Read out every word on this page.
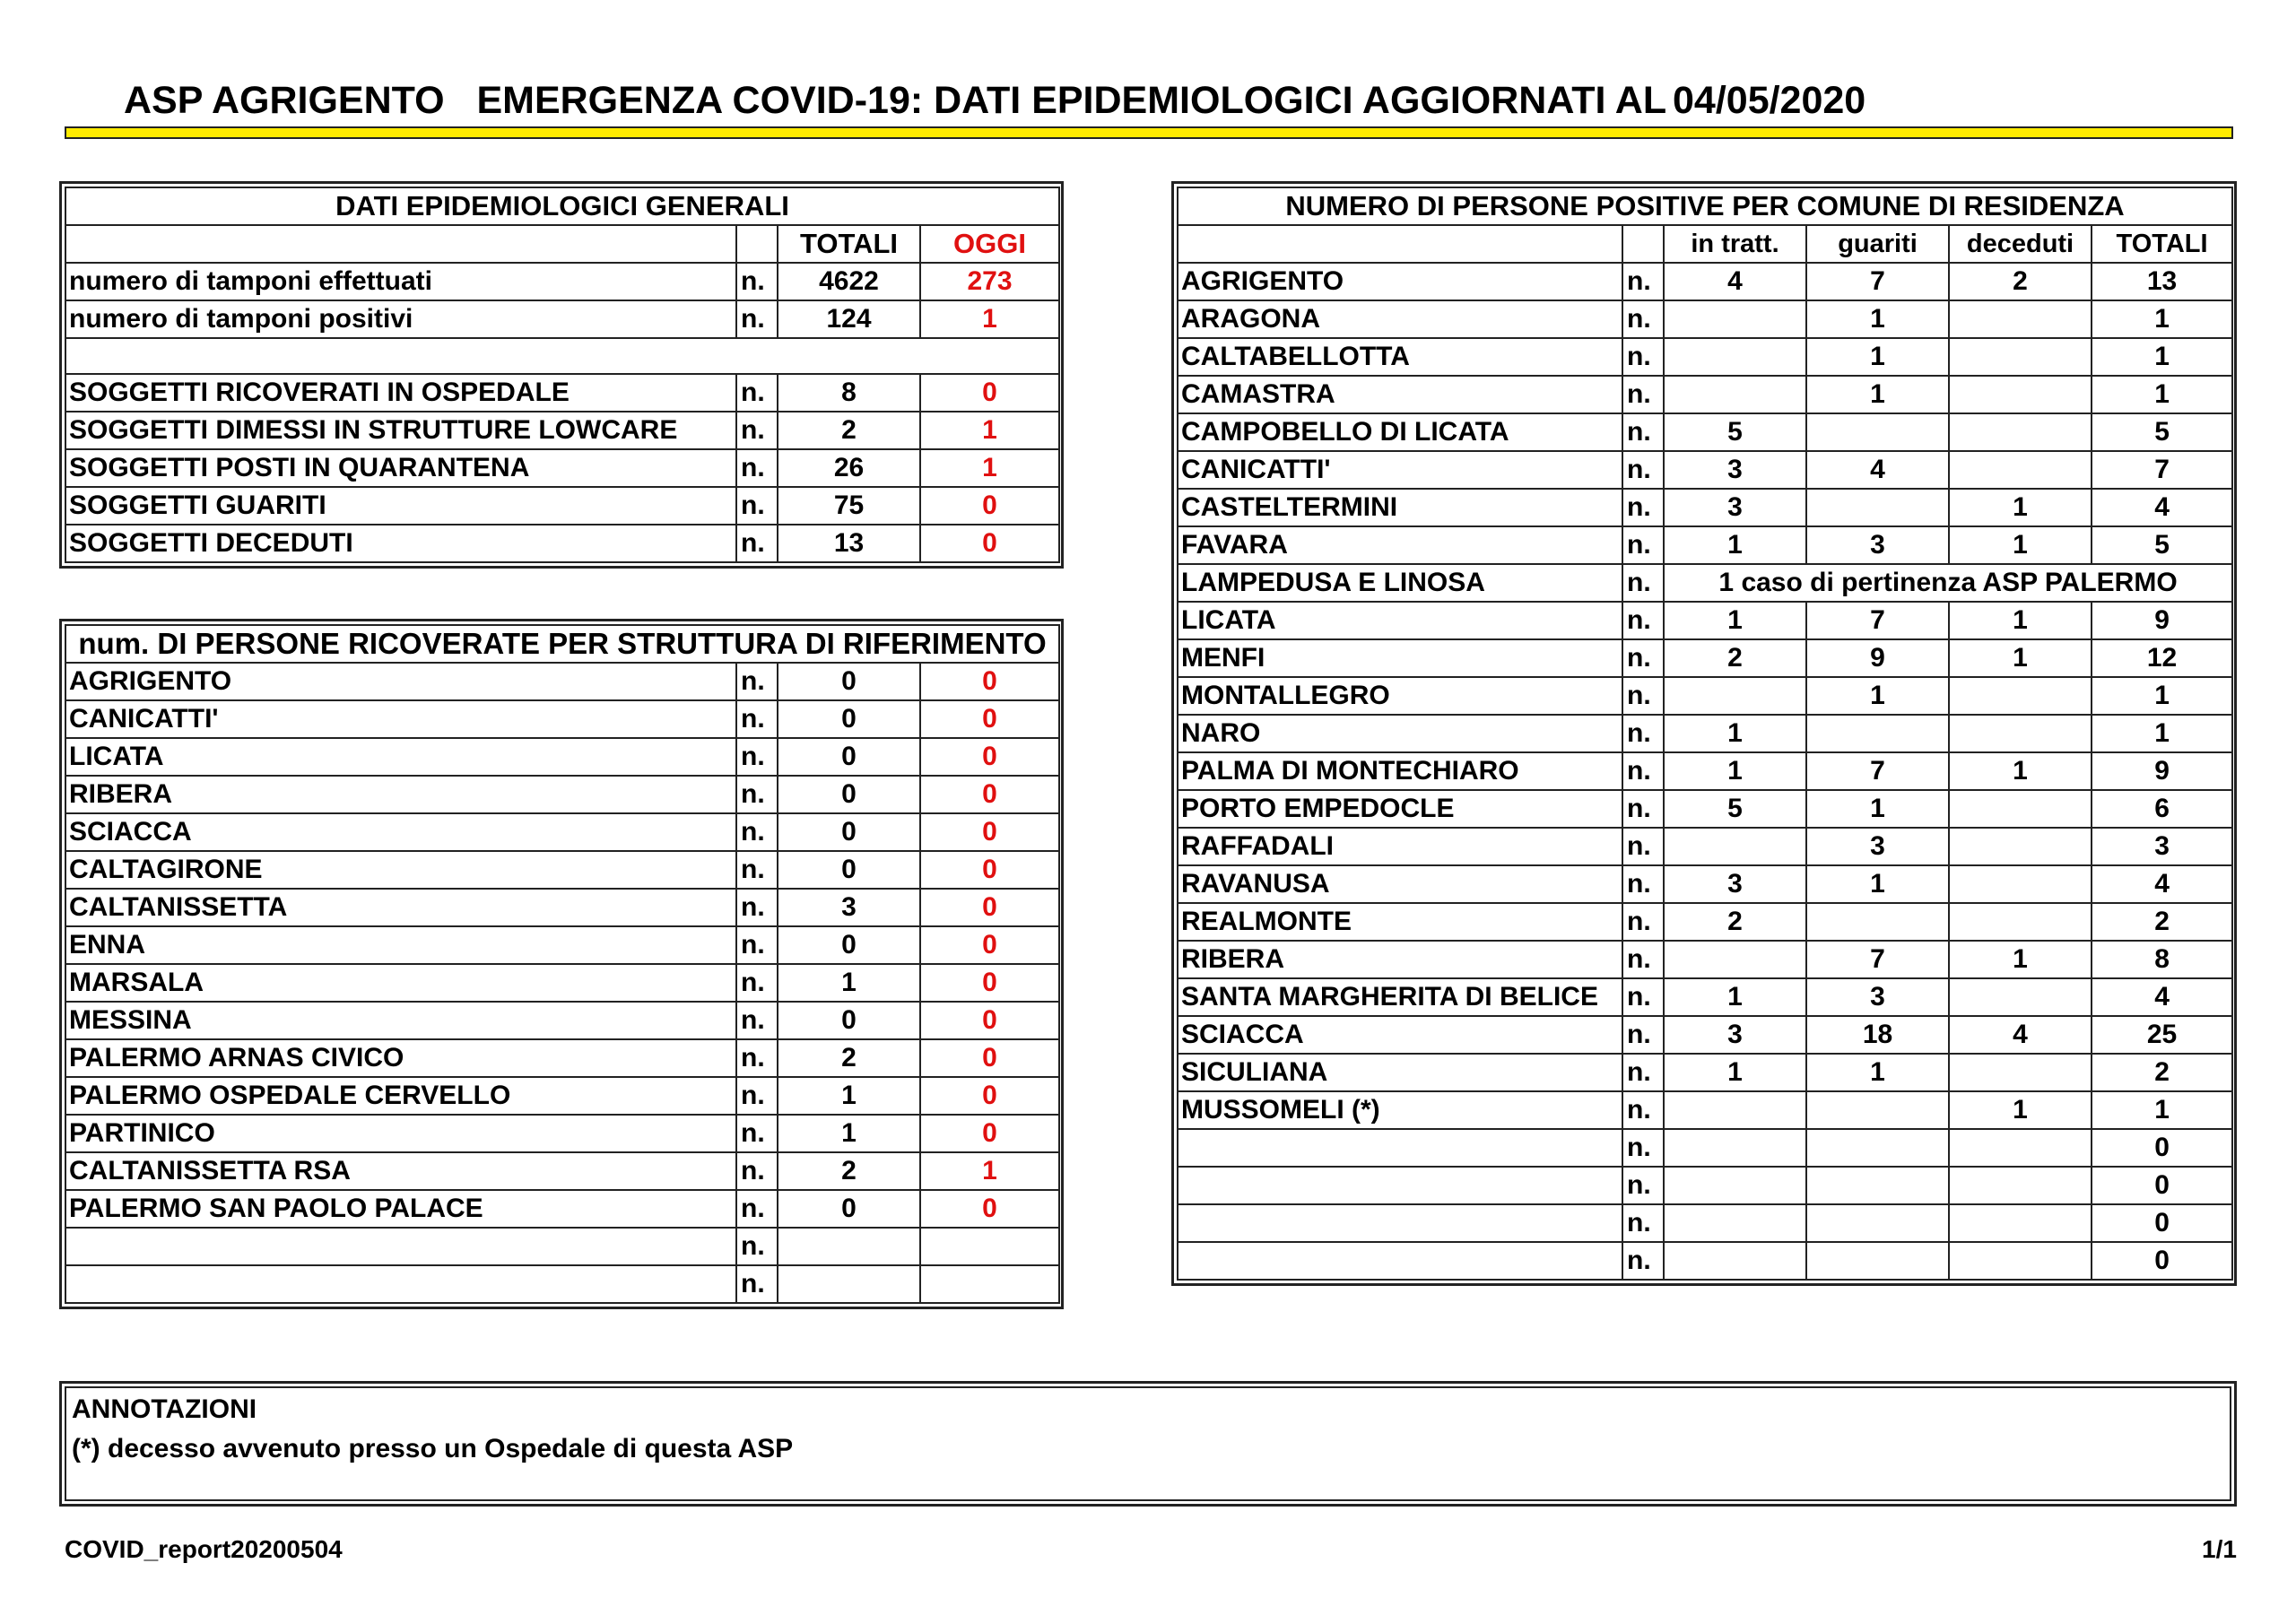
ASP AGRIGENTO   EMERGENZA COVID-19: DATI EPIDEMIOLOGICI AGGIORNATI AL 04/05/2020
DATI EPIDEMIOLOGICI GENERALI			
		TOTALI	OGGI
numero di tamponi effettuati	n.	4622	273
numero di tamponi positivi	n.	124	1

SOGGETTI RICOVERATI IN OSPEDALE	n.	8	0
SOGGETTI DIMESSI IN STRUTTURE LOWCARE	n.	2	1
SOGGETTI POSTI IN QUARANTENA	n.	26	1
SOGGETTI GUARITI	n.	75	0
SOGGETTI DECEDUTI	n.	13	0
num. DI PERSONE RICOVERATE PER STRUTTURA DI RIFERIMENTO			
AGRIGENTO	n.	0	0
CANICATTI'	n.	0	0
LICATA	n.	0	0
RIBERA	n.	0	0
SCIACCA	n.	0	0
CALTAGIRONE	n.	0	0
CALTANISSETTA	n.	3	0
ENNA	n.	0	0
MARSALA	n.	1	0
MESSINA	n.	0	0
PALERMO ARNAS CIVICO	n.	2	0
PALERMO OSPEDALE CERVELLO	n.	1	0
PARTINICO	n.	1	0
CALTANISSETTA RSA	n.	2	1
PALERMO SAN PAOLO PALACE	n.	0	0
	n.		
	n.		
NUMERO DI PERSONE POSITIVE PER COMUNE DI RESIDENZA					
		in tratt.	guariti	deceduti	TOTALI
AGRIGENTO	n.	4	7	2	13
ARAGONA	n.		1		1
CALTABELLOTTA	n.		1		1
CAMASTRA	n.		1		1
CAMPOBELLO DI LICATA	n.	5			5
CANICATTI'	n.	3	4		7
CASTELTERMINI	n.	3		1	4
FAVARA	n.	1	3	1	5
LAMPEDUSA E LINOSA	n.	1 caso di pertinenza ASP PALERMO			
LICATA	n.	1	7	1	9
MENFI	n.	2	9	1	12
MONTALLEGRO	n.		1		1
NARO	n.	1			1
PALMA DI MONTECHIARO	n.	1	7	1	9
PORTO EMPEDOCLE	n.	5	1		6
RAFFADALI	n.		3		3
RAVANUSA	n.	3	1		4
REALMONTE	n.	2			2
RIBERA	n.		7	1	8
SANTA MARGHERITA DI BELICE	n.	1	3		4
SCIACCA	n.	3	18	4	25
SICULIANA	n.	1	1		2
MUSSOMELI (*)	n.			1	1
	n.				0
	n.				0
	n.				0
	n.				0
ANNOTAZIONI
(*) decesso avvenuto presso un Ospedale di questa ASP
COVID_report20200504	1/1
